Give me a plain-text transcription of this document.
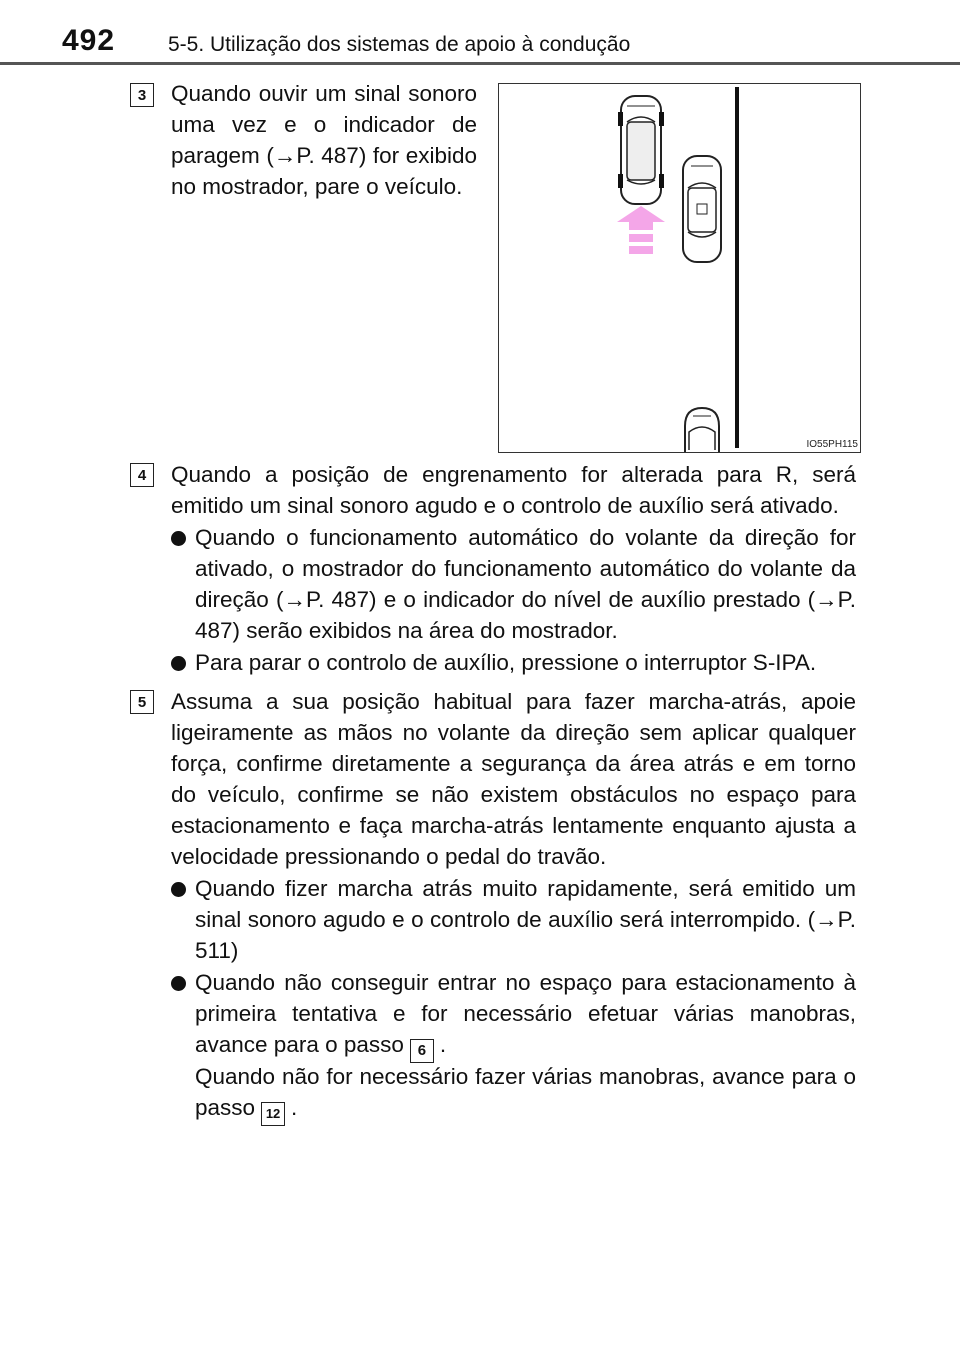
492	5-5. Utilização dos sistemas de apoio à condução
3	Quando ouvir um sinal sonoro uma vez e o indicador de paragem (→P. 487) for exibido no mostrador, pare o veículo.
IO55PH115
4	Quando a posição de engrenamento for alterada para R, será emitido um sinal sonoro agudo e o controlo de auxílio será ativado.
Quando o funcionamento automático do volante da direção for ativado, o mostrador do funcionamento automático do volante da direção (→P. 487) e o indicador do nível de auxílio prestado (→P. 487) serão exibidos na área do mostrador.
Para parar o controlo de auxílio, pressione o interruptor S-IPA.
5	Assuma a sua posição habitual para fazer marcha-atrás, apoie ligeiramente as mãos no volante da direção sem aplicar qualquer força, confirme diretamente a segurança da área atrás e em torno do veículo, confirme se não existem obstáculos no espaço para estacionamento e faça marcha-atrás lentamente enquanto ajusta a velocidade pressionando o pedal do travão.
Quando fizer marcha atrás muito rapidamente, será emitido um sinal sonoro agudo e o controlo de auxílio será interrompido. (→P. 511)
Quando não conseguir entrar no espaço para estacionamento à primeira tentativa e for necessário efetuar várias manobras, avance para o passo 6 .
Quando não for necessário fazer várias manobras, avance para o passo 12 .
